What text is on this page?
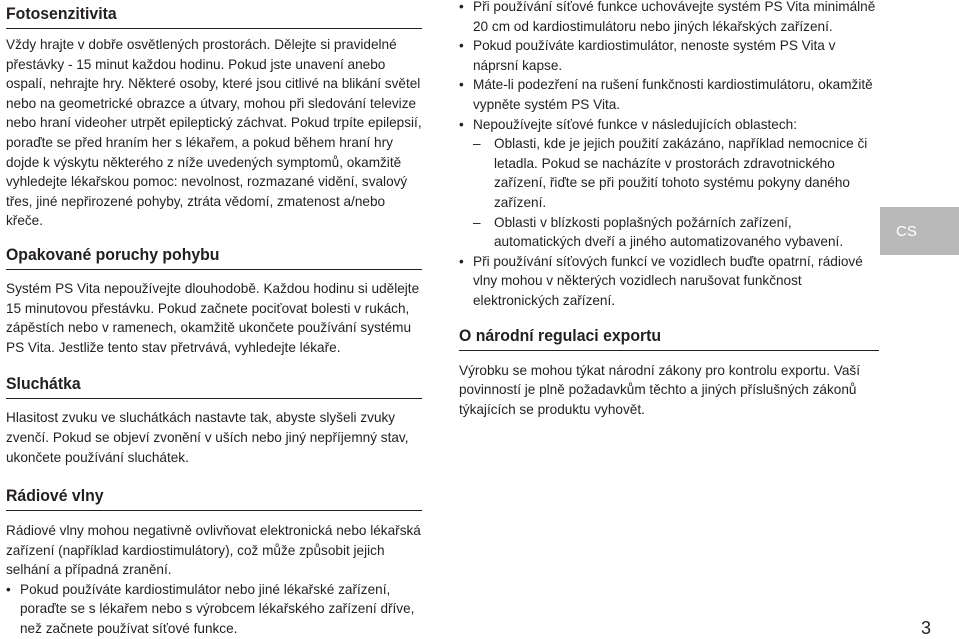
Fotosenzitivita

Vždy hrajte v dobře osvětlených prostorách. Dělejte si pravidelné přestávky - 15 minut každou hodinu. Pokud jste unavení anebo ospalí, nehrajte hry. Některé osoby, které jsou citlivé na blikání světel nebo na geometrické obrazce a útvary, mohou při sledování televize nebo hraní videoher utrpět epileptický záchvat. Pokud trpíte epilepsií, poraďte se před hraním her s lékařem, a pokud během hraní hry dojde k výskytu některého z níže uvedených symptomů, okamžitě vyhledejte lékařskou pomoc: nevolnost, rozmazané vidění, svalový třes, jiné nepřirozené pohyby, ztráta vědomí, zmatenost a/nebo křeče.

Opakované poruchy pohybu

Systém PS Vita nepoužívejte dlouhodobě. Každou hodinu si udělejte 15 minutovou přestávku. Pokud začnete pociťovat bolesti v rukách, zápěstích nebo v ramenech, okamžitě ukončete používání systému PS Vita. Jestliže tento stav přetrvává, vyhledejte lékaře.

Sluchátka

Hlasitost zvuku ve sluchátkách nastavte tak, abyste slyšeli zvuky zvenčí. Pokud se objeví zvonění v uších nebo jiný nepříjemný stav, ukončete používání sluchátek.

Rádiové vlny

Rádiové vlny mohou negativně ovlivňovat elektronická nebo lékařská zařízení (například kardiostimulátory), což může způsobit jejich selhání a případná zranění.

• Pokud používáte kardiostimulátor nebo jiné lékařské zařízení, poraďte se s lékařem nebo s výrobcem lékařského zařízení dříve, než začnete používat síťové funkce.
• Při používání síťové funkce uchovávejte systém PS Vita minimálně 20 cm od kardiostimulátoru nebo jiných lékařských zařízení.
• Pokud používáte kardiostimulátor, nenoste systém PS Vita v náprsní kapse.
• Máte-li podezření na rušení funkčnosti kardiostimulátoru, okamžitě vypněte systém PS Vita.
• Nepoužívejte síťové funkce v následujících oblastech:
– Oblasti, kde je jejich použití zakázáno, například nemocnice či letadla. Pokud se nacházíte v prostorách zdravotnického zařízení, řiďte se při použití tohoto systému pokyny daného zařízení.
– Oblasti v blízkosti poplašných požárních zařízení, automatických dveří a jiného automatizovaného vybavení.
• Při používání síťových funkcí ve vozidlech buďte opatrní, rádiové vlny mohou v některých vozidlech narušovat funkčnost elektronických zařízení.
O národní regulaci exportu

Výrobku se mohou týkat národní zákony pro kontrolu exportu. Vaší povinností je plně požadavkům těchto a jiných příslušných zákonů týkajících se produktu vyhovět.

CS
3
